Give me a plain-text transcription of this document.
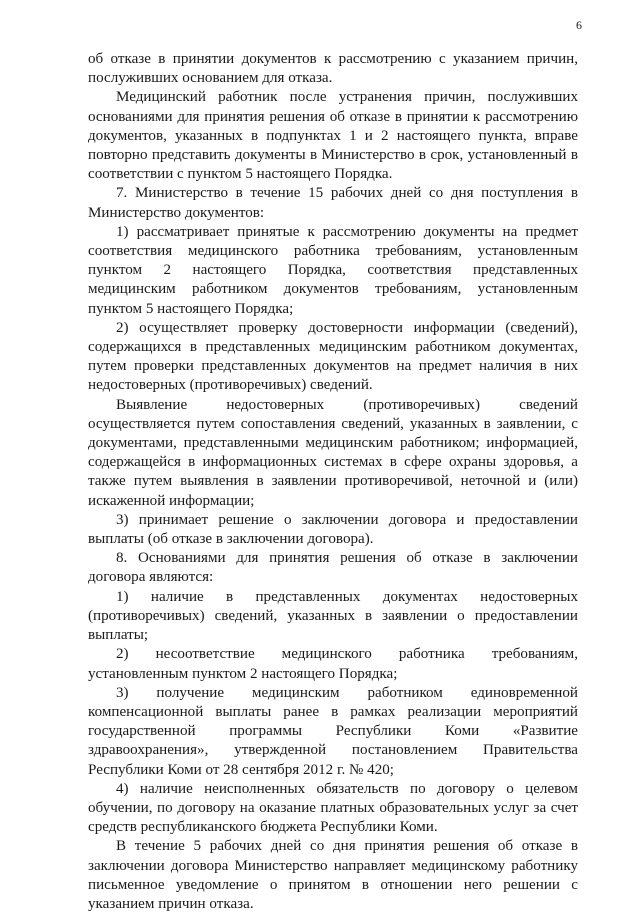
6

об отказе в принятии документов к рассмотрению с указанием причин, послуживших основанием для отказа.

Медицинский работник после устранения причин, послуживших основаниями для принятия решения об отказе в принятии к рассмотрению документов, указанных в подпунктах 1 и 2 настоящего пункта, вправе повторно представить документы в Министерство в срок, установленный в соответствии с пунктом 5 настоящего Порядка.

7. Министерство в течение 15 рабочих дней со дня поступления в Министерство документов:

1) рассматривает принятые к рассмотрению документы на предмет соответствия медицинского работника требованиям, установленным пунктом 2 настоящего Порядка, соответствия представленных медицинским работником документов требованиям, установленным пунктом 5 настоящего Порядка;

2) осуществляет проверку достоверности информации (сведений), содержащихся в представленных медицинским работником документах, путем проверки представленных документов на предмет наличия в них недостоверных (противоречивых) сведений.

Выявление недостоверных (противоречивых) сведений осуществляется путем сопоставления сведений, указанных в заявлении, с документами, представленными медицинским работником; информацией, содержащейся в информационных системах в сфере охраны здоровья, а также путем выявления в заявлении противоречивой, неточной и (или) искаженной информации;

3) принимает решение о заключении договора и предоставлении выплаты (об отказе в заключении договора).

8. Основаниями для принятия решения об отказе в заключении договора являются:

1) наличие в представленных документах недостоверных (противоречивых) сведений, указанных в заявлении о предоставлении выплаты;

2) несоответствие медицинского работника требованиям, установленным пунктом 2 настоящего Порядка;

3) получение медицинским работником единовременной компенсационной выплаты ранее в рамках реализации мероприятий государственной программы Республики Коми «Развитие здравоохранения», утвержденной постановлением Правительства Республики Коми от 28 сентября 2012 г. № 420;

4) наличие неисполненных обязательств по договору о целевом обучении, по договору на оказание платных образовательных услуг за счет средств республиканского бюджета Республики Коми.

В течение 5 рабочих дней со дня принятия решения об отказе в заключении договора Министерство направляет медицинскому работнику письменное уведомление о принятом в отношении него решении с указанием причин отказа.
